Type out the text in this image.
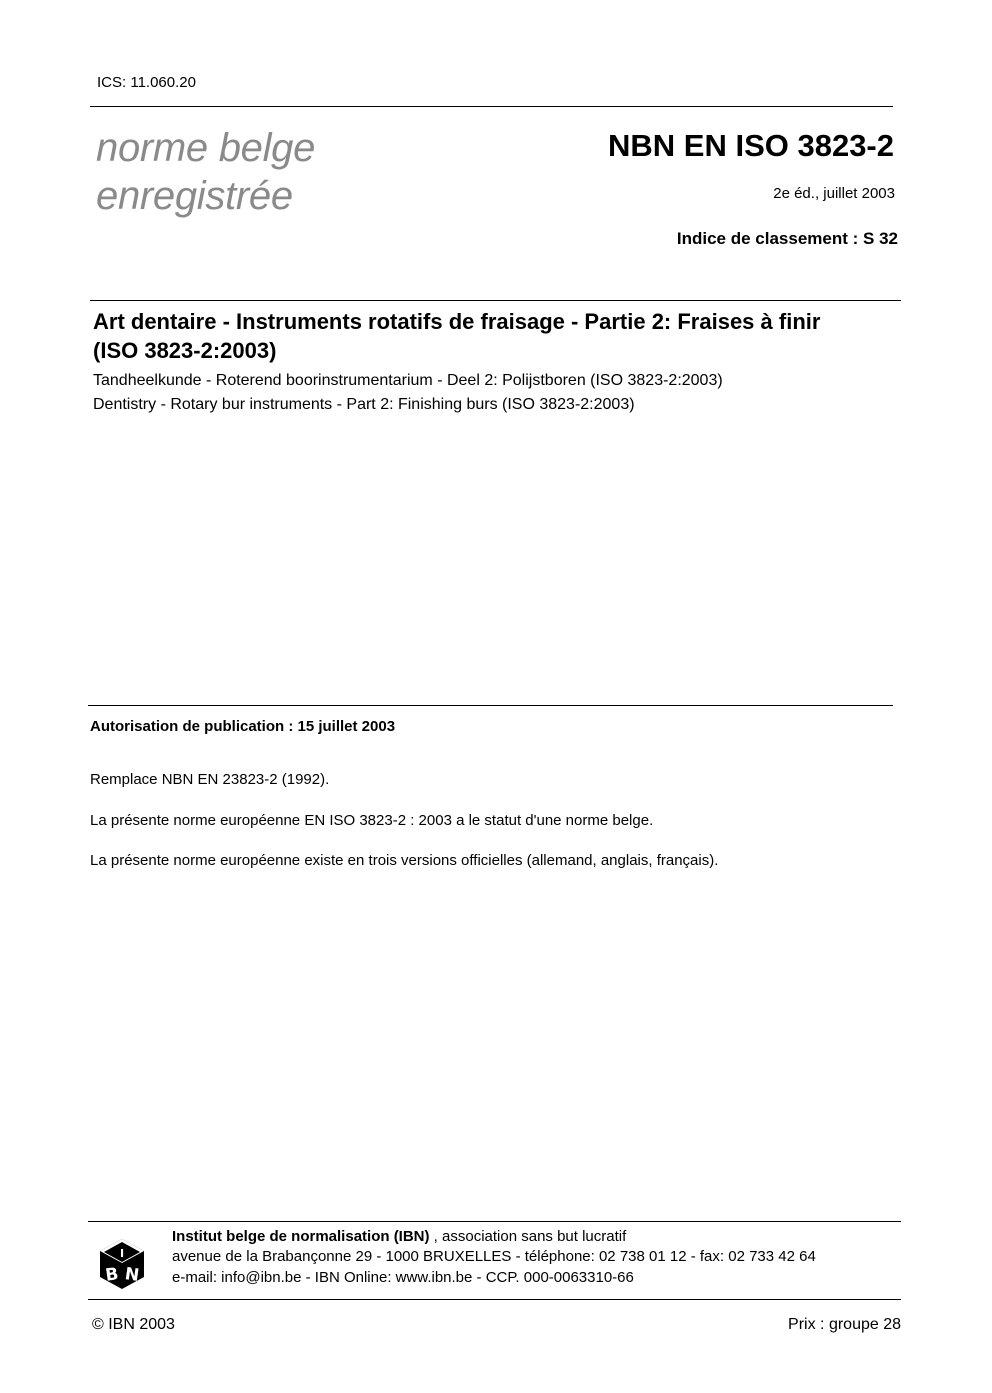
ICS: 11.060.20
norme belge
enregistrée
NBN EN ISO 3823-2
2e éd., juillet 2003
Indice de classement : S 32
Art dentaire - Instruments rotatifs de fraisage - Partie 2: Fraises à finir
(ISO 3823-2:2003)
Tandheelkunde - Roterend boorinstrumentarium - Deel 2: Polijstboren (ISO 3823-2:2003)
Dentistry - Rotary bur instruments - Part 2: Finishing burs (ISO 3823-2:2003)
Autorisation de publication : 15 juillet 2003
Remplace NBN EN 23823-2 (1992).
La présente norme européenne EN ISO 3823-2 : 2003 a le statut d'une norme belge.
La présente norme européenne existe en trois versions officielles (allemand, anglais, français).
I
B N
Institut belge de normalisation (IBN) , association sans but lucratif
avenue de la Brabançonne 29 - 1000 BRUXELLES - téléphone: 02 738 01 12 - fax: 02 733 42 64
e-mail: info@ibn.be - IBN Online: www.ibn.be - CCP. 000-0063310-66
© IBN 2003	Prix : groupe 28
